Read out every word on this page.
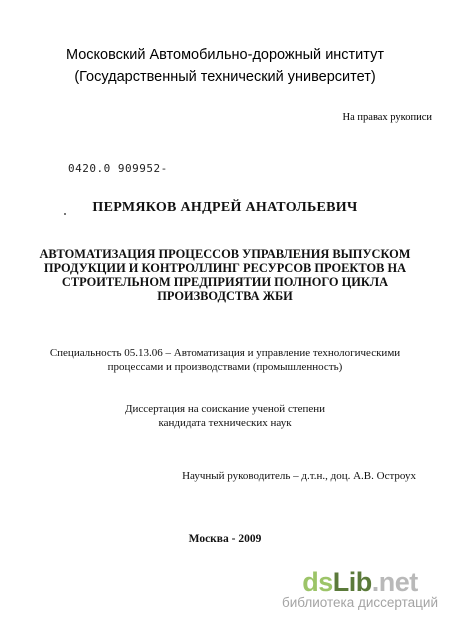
Московский Автомобильно-дорожный институт
(Государственный технический университет)
На правах рукописи
0420.0 909952-
ПЕРМЯКОВ АНДРЕЙ АНАТОЛЬЕВИЧ
АВТОМАТИЗАЦИЯ ПРОЦЕССОВ УПРАВЛЕНИЯ ВЫПУСКОМ
ПРОДУКЦИИ И КОНТРОЛЛИНГ РЕСУРСОВ ПРОЕКТОВ НА
СТРОИТЕЛЬНОМ ПРЕДПРИЯТИИ ПОЛНОГО ЦИКЛА
ПРОИЗВОДСТВА ЖБИ
Специальность 05.13.06 – Автоматизация и управление технологическими
процессами и производствами (промышленность)
Диссертация на соискание ученой степени
кандидата технических наук
Научный руководитель – д.т.н., доц. А.В. Остроух
Москва - 2009
dsLib.net
библиотека диссертаций
